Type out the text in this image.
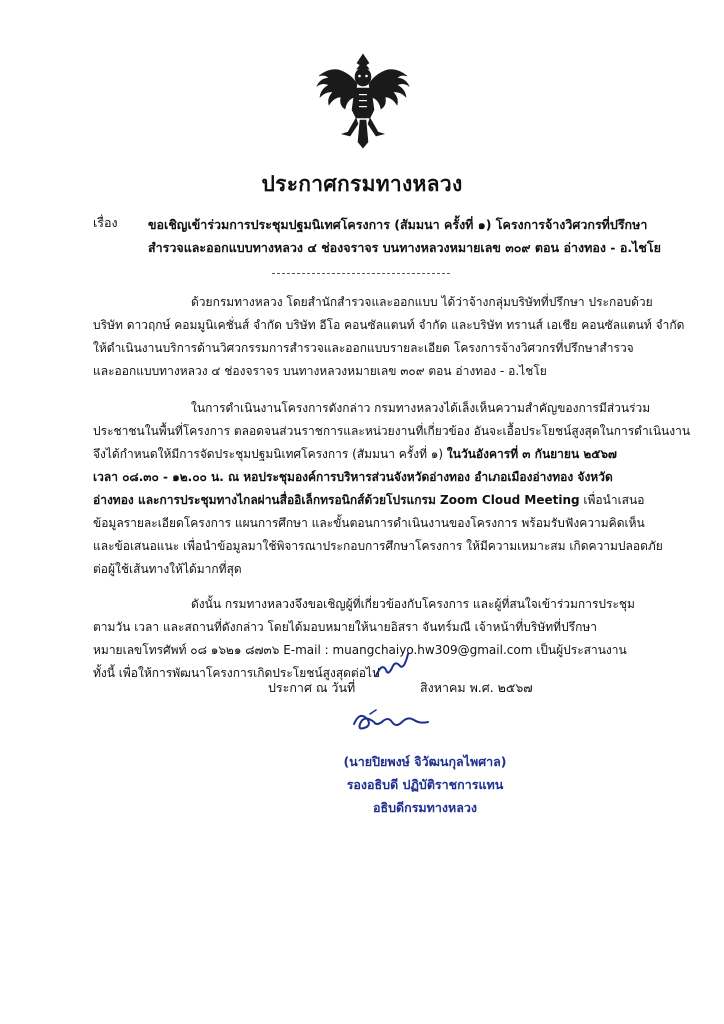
ประกาศกรมทางหลวง
เรื่อง ขอเชิญเข้าร่วมการประชุมปฐมนิเทศโครงการ (สัมมนา ครั้งที่ ๑) โครงการจ้างวิศวกรที่ปรึกษา
สำรวจและออกแบบทางหลวง ๔ ช่องจราจร บนทางหลวงหมายเลข ๓๐๙ ตอน อ่างทอง - อ.ไชโย
ด้วยกรมทางหลวง โดยสำนักสำรวจและออกแบบ ได้ว่าจ้างกลุ่มบริษัทที่ปรึกษา ประกอบด้วย
บริษัท ดาวฤกษ์ คอมมูนิเคชั่นส์ จำกัด บริษัท อีโอ คอนซัลแตนท์ จำกัด และบริษัท ทรานส์ เอเชีย คอนซัลแตนท์ จำกัด
ให้ดำเนินงานบริการด้านวิศวกรรมการสำรวจและออกแบบรายละเอียด โครงการจ้างวิศวกรที่ปรึกษาสำรวจ
และออกแบบทางหลวง ๔ ช่องจราจร บนทางหลวงหมายเลข ๓๐๙ ตอน อ่างทอง - อ.ไชโย
ในการดำเนินงานโครงการดังกล่าว กรมทางหลวงได้เล็งเห็นความสำคัญของการมีส่วนร่วม
ประชาชนในพื้นที่โครงการ ตลอดจนส่วนราชการและหน่วยงานที่เกี่ยวข้อง อันจะเอื้อประโยชน์สูงสุดในการดำเนินงาน
จึงได้กำหนดให้มีการจัดประชุมปฐมนิเทศโครงการ (สัมมนา ครั้งที่ ๑) ในวันอังคารที่ ๓ กันยายน ๒๕๖๗
เวลา ๐๘.๓๐ - ๑๒.๐๐ น. ณ หอประชุมองค์การบริหารส่วนจังหวัดอ่างทอง อำเภอเมืองอ่างทอง จังหวัด
อ่างทอง และการประชุมทางไกลผ่านสื่ออิเล็กทรอนิกส์ด้วยโปรแกรม Zoom Cloud Meeting เพื่อนำเสนอ
ข้อมูลรายละเอียดโครงการ แผนการศึกษา และขั้นตอนการดำเนินงานของโครงการ พร้อมรับฟังความคิดเห็น
และข้อเสนอแนะ เพื่อนำข้อมูลมาใช้พิจารณาประกอบการศึกษาโครงการ ให้มีความเหมาะสม เกิดความปลอดภัย
ต่อผู้ใช้เส้นทางให้ได้มากที่สุด
ดังนั้น กรมทางหลวงจึงขอเชิญผู้ที่เกี่ยวข้องกับโครงการ และผู้ที่สนใจเข้าร่วมการประชุม
ตามวัน เวลา และสถานที่ดังกล่าว โดยได้มอบหมายให้นายอิสรา จันทร์มณี เจ้าหน้าที่บริษัทที่ปรึกษา
หมายเลขโทรศัพท์ ๐๘ ๑๖๒๑ ๘๗๓๖ E-mail : muangchaiyo.hw309@gmail.com เป็นผู้ประสานงาน
ทั้งนี้ เพื่อให้การพัฒนาโครงการเกิดประโยชน์สูงสุดต่อไป
ประกาศ ณ วันที่	สิงหาคม พ.ศ. ๒๕๖๗
(นายปิยพงษ์ จิวัฒนกุลไพศาล)
รองอธิบดี ปฏิบัติราชการแทน
อธิบดีกรมทางหลวง
